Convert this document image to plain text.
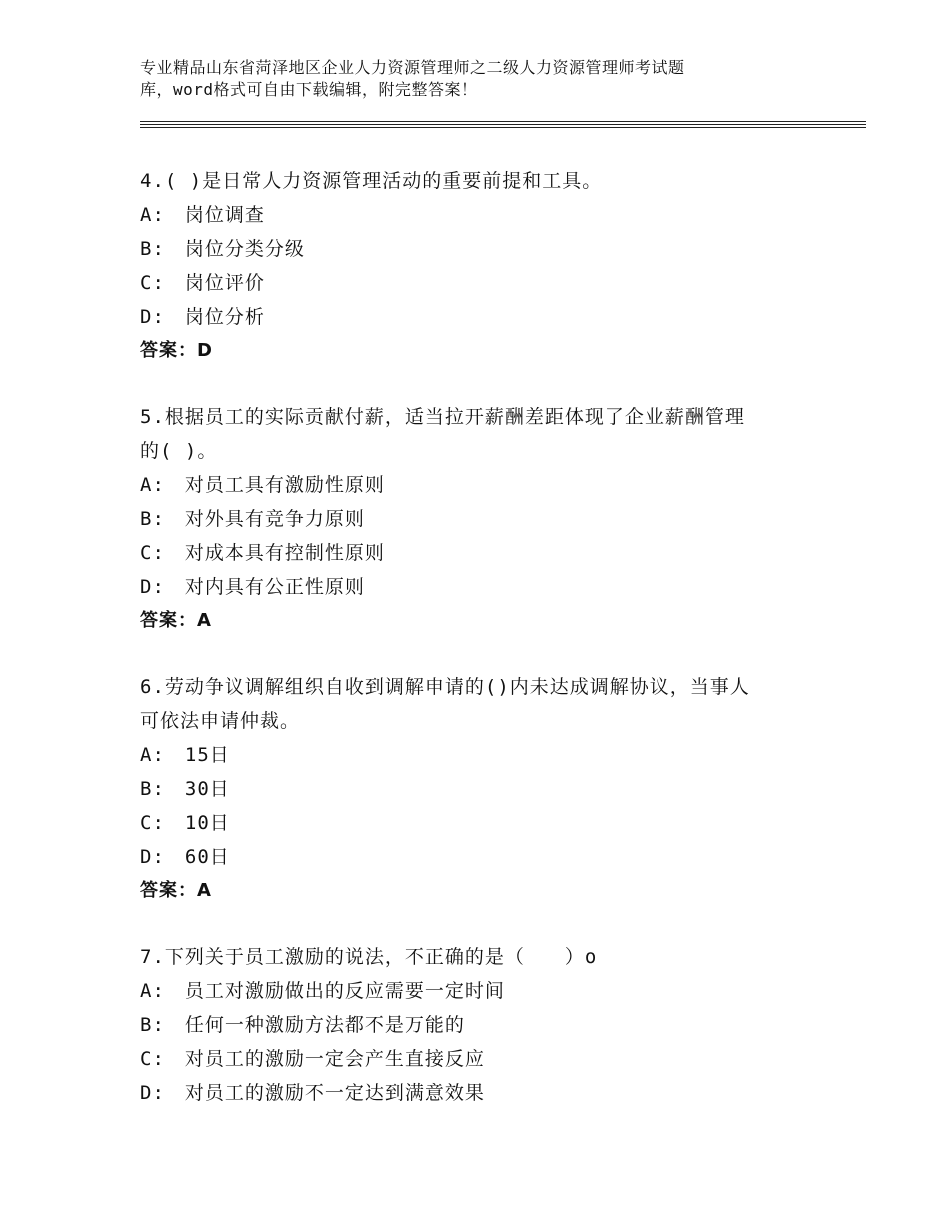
专业精品山东省菏泽地区企业人力资源管理师之二级人力资源管理师考试题
库，word格式可自由下载编辑，附完整答案！
4.( )是日常人力资源管理活动的重要前提和工具。
A:　岗位调查
B:　岗位分类分级
C:　岗位评价
D:　岗位分析
答案：D
5.根据员工的实际贡献付薪，适当拉开薪酬差距体现了企业薪酬管理
的( )。
A:　对员工具有激励性原则
B:　对外具有竞争力原则
C:　对成本具有控制性原则
D:　对内具有公正性原则
答案：A
6.劳动争议调解组织自收到调解申请的()内未达成调解协议，当事人
可依法申请仲裁。
A:　15日
B:　30日
C:　10日
D:　60日
答案：A
7.下列关于员工激励的说法，不正确的是（　　）o
A:　员工对激励做出的反应需要一定时间
B:　任何一种激励方法都不是万能的
C:　对员工的激励一定会产生直接反应
D:　对员工的激励不一定达到满意效果
